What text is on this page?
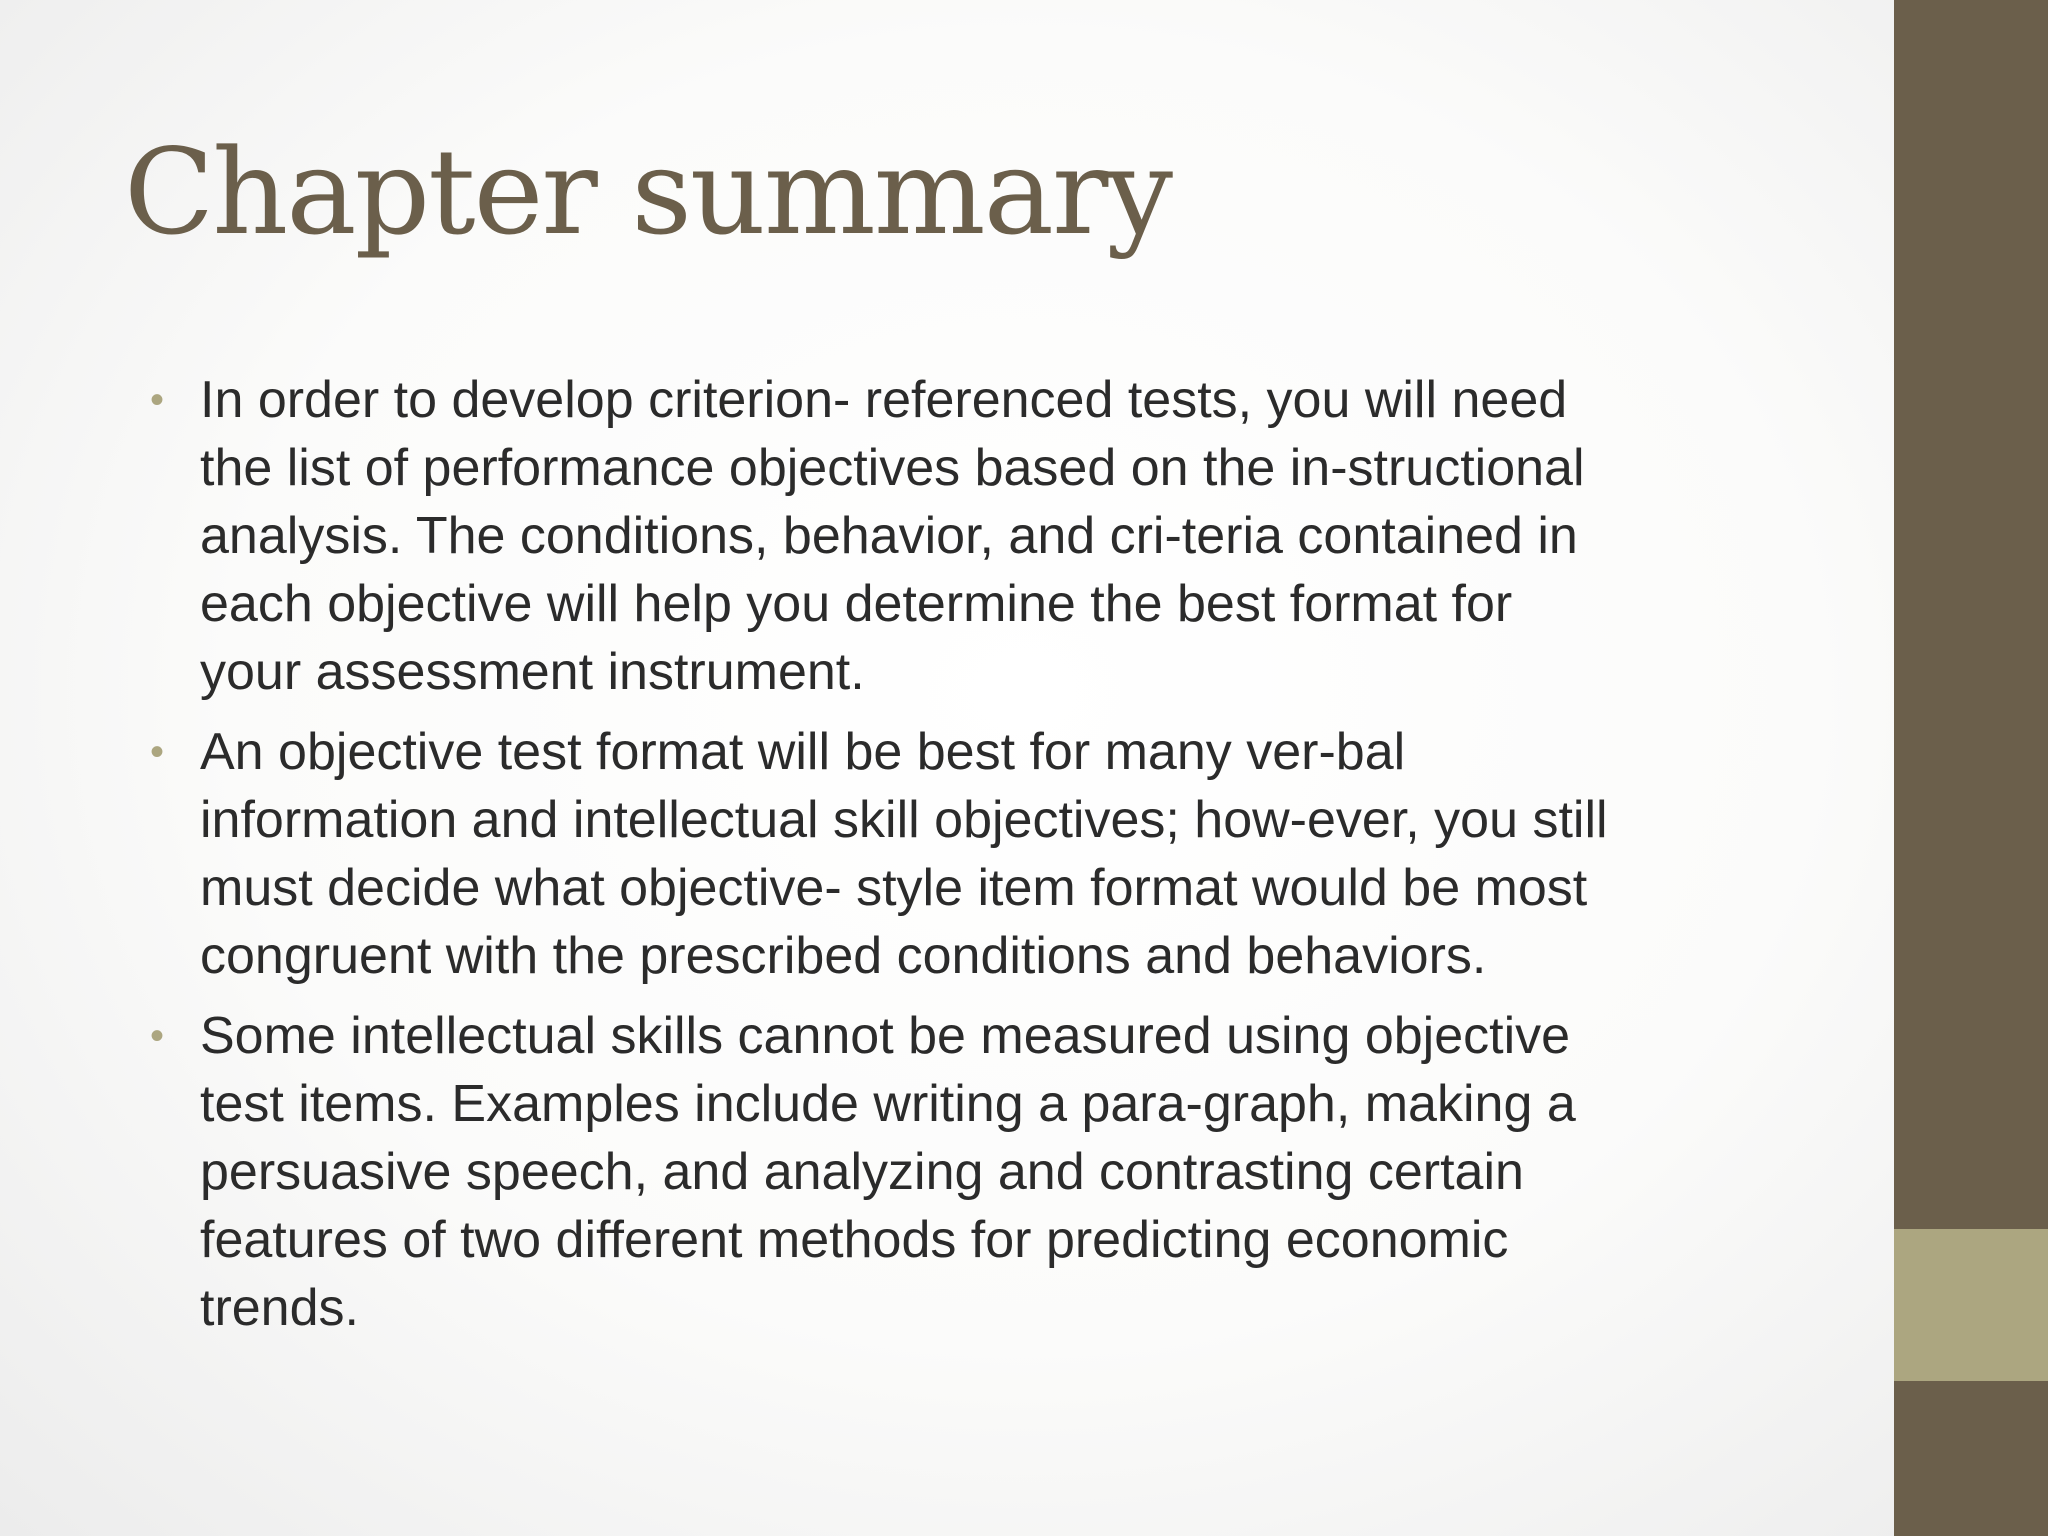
Chapter summary
• In order to develop criterion- referenced tests, you will need
the list of performance objectives based on the in-structional
analysis. The conditions, behavior, and cri-teria contained in
each objective will help you determine the best format for
your assessment instrument.
• An objective test format will be best for many ver-bal
information and intellectual skill objectives; how-ever, you still
must decide what objective- style item format would be most
congruent with the prescribed conditions and behaviors.
• Some intellectual skills cannot be measured using objective
test items. Examples include writing a para-graph, making a
persuasive speech, and analyzing and contrasting certain
features of two different methods for predicting economic
trends.
